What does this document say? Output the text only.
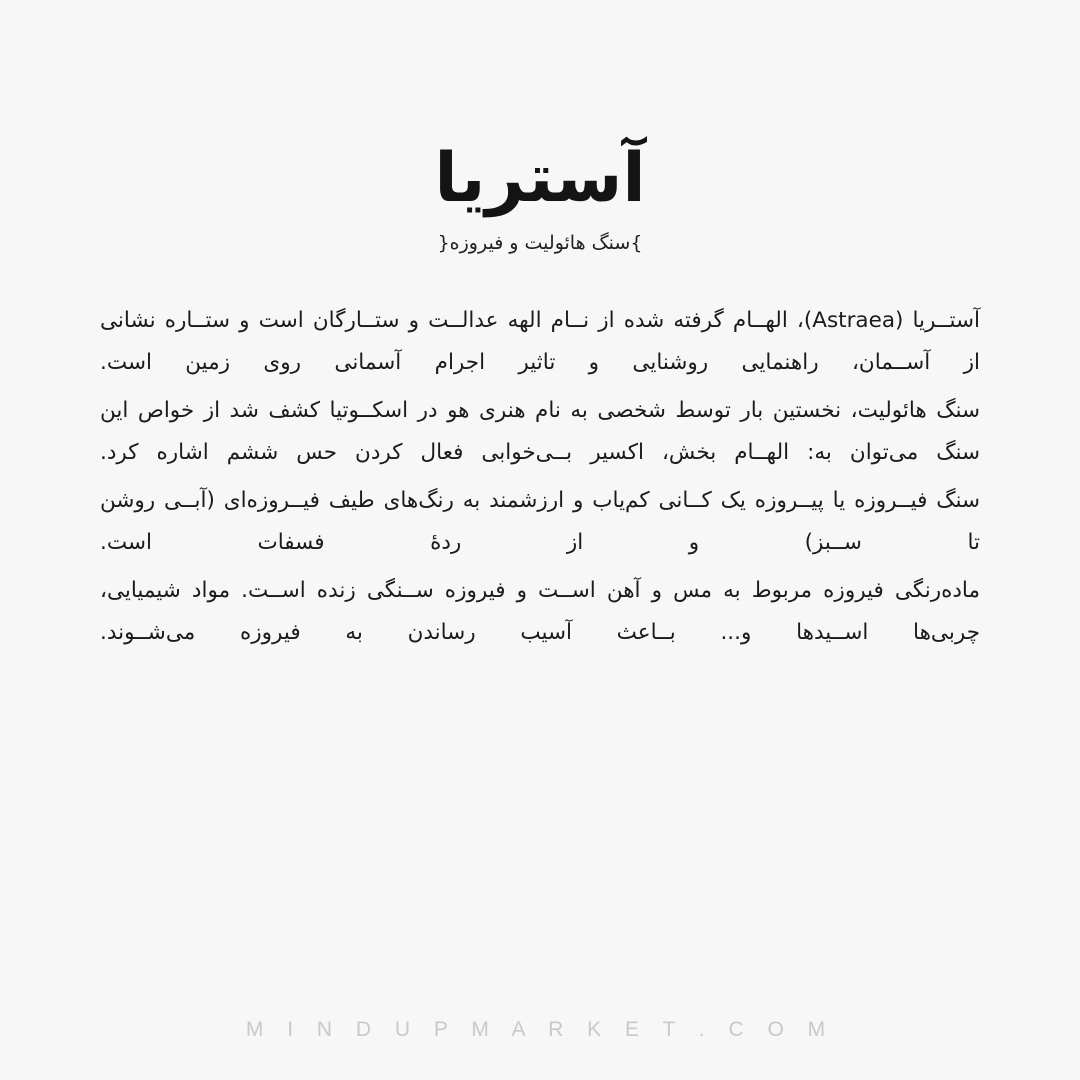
آستریا
}سنگ هائولیت و فیروزه{

آستــریا (Astraea)، الهــام گرفته شده از نــام الهه عدالــت و ستــارگان است و ستــاره نشانی از آســمان، راهنمایی روشنایی و تاثیر اجرام آسمانی روی زمین است.

سنگ هائولیت، نخستین بار توسط شخصی به نام هنری هو در اسکــوتیا کشف شد از خواص این سنگ می‌توان به: الهــام بخش، اکسیر بــی‌خوابی فعال کردن حس ششم اشاره کرد.

سنگ فیــروزه یا پیــروزه یک کــانی کم‌یاب و ارزشمند به رنگ‌های طیف فیــروزه‌ای (آبــی روشن تا ســبز) و از ردۀ فسفات است.

ماده‌رنگی فیروزه مربوط به مس و آهن اســت و فیروزه ســنگی زنده اســت. مواد شیمیایی، چربی‌ها اســیدها و... بــاعث آسیب رساندن به فیروزه می‌شــوند.

M I N D U P M A R K E T . C O M
